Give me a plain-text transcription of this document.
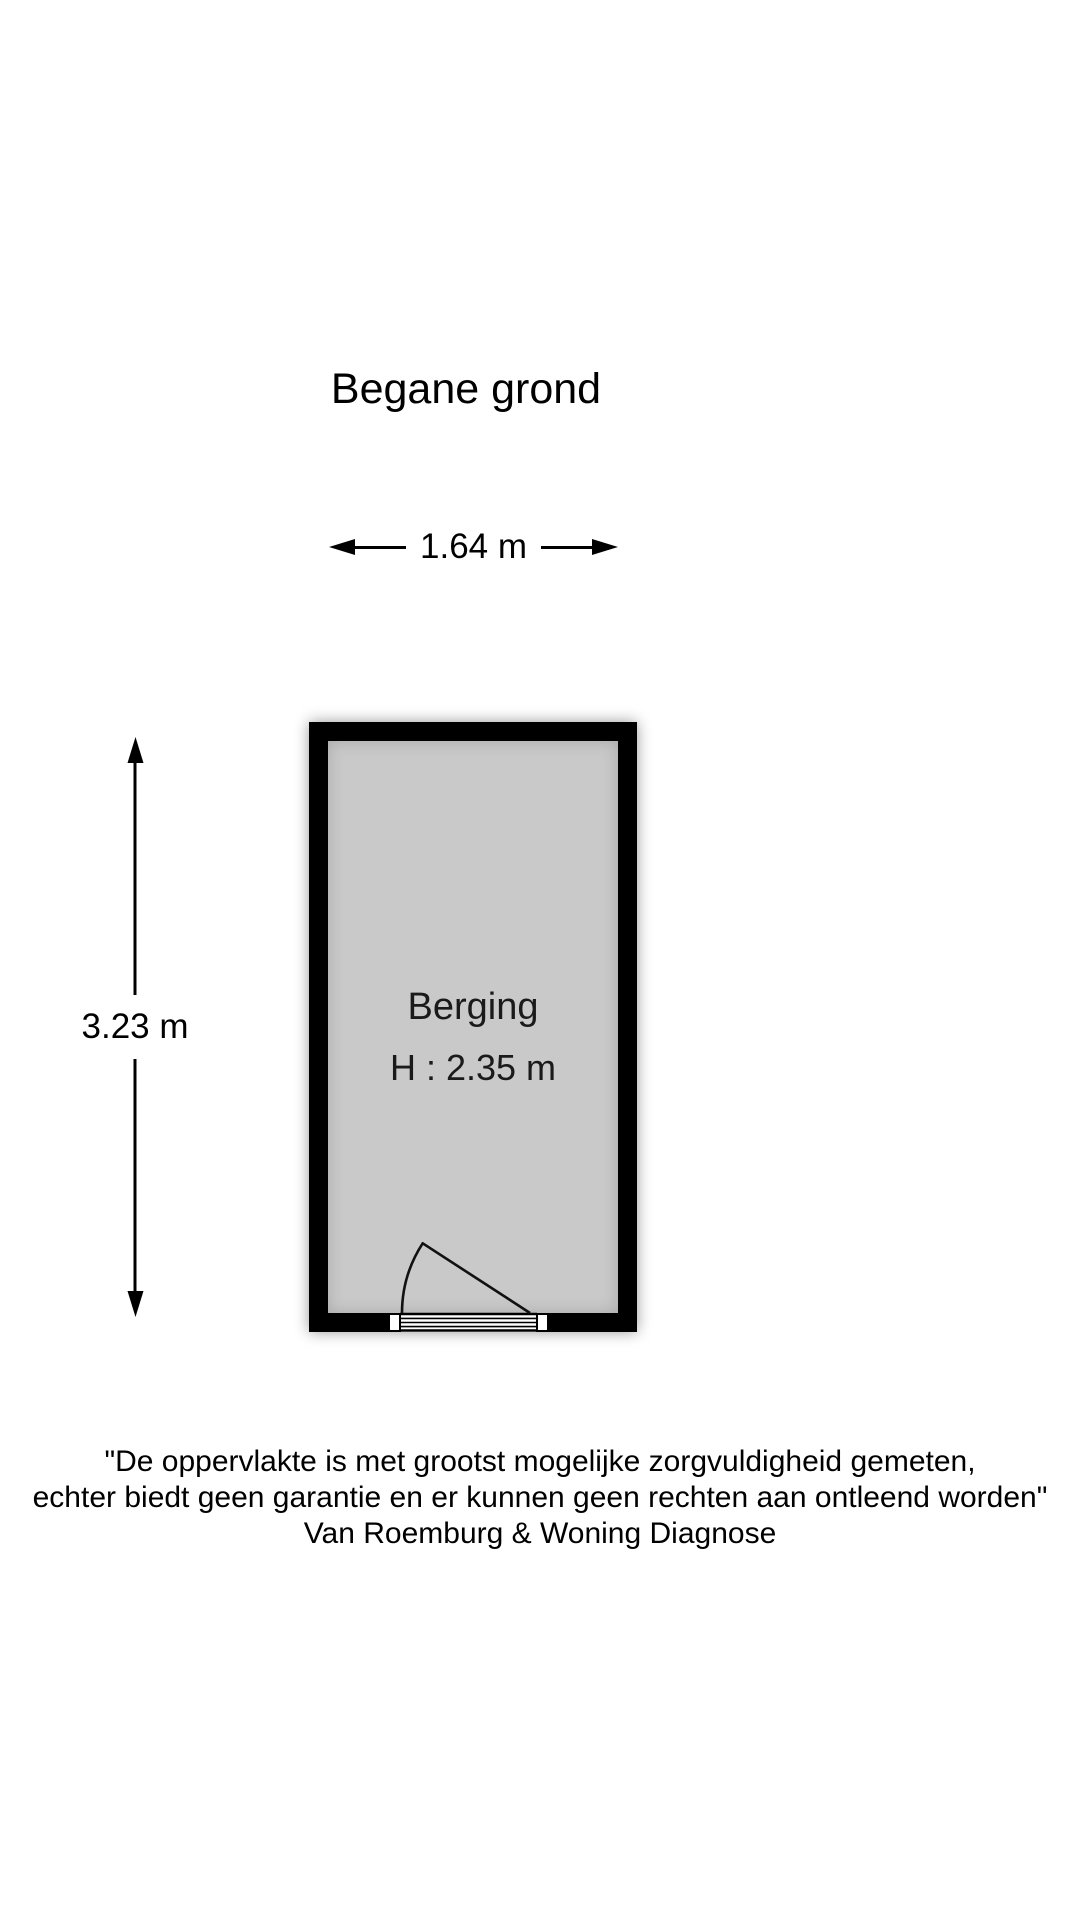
Begane grond
1.64 m
3.23 m	Berging
H : 2.35 m
"De oppervlakte is met grootst mogelijke zorgvuldigheid gemeten,
echter biedt geen garantie en er kunnen geen rechten aan ontleend worden"
Van Roemburg & Woning Diagnose
